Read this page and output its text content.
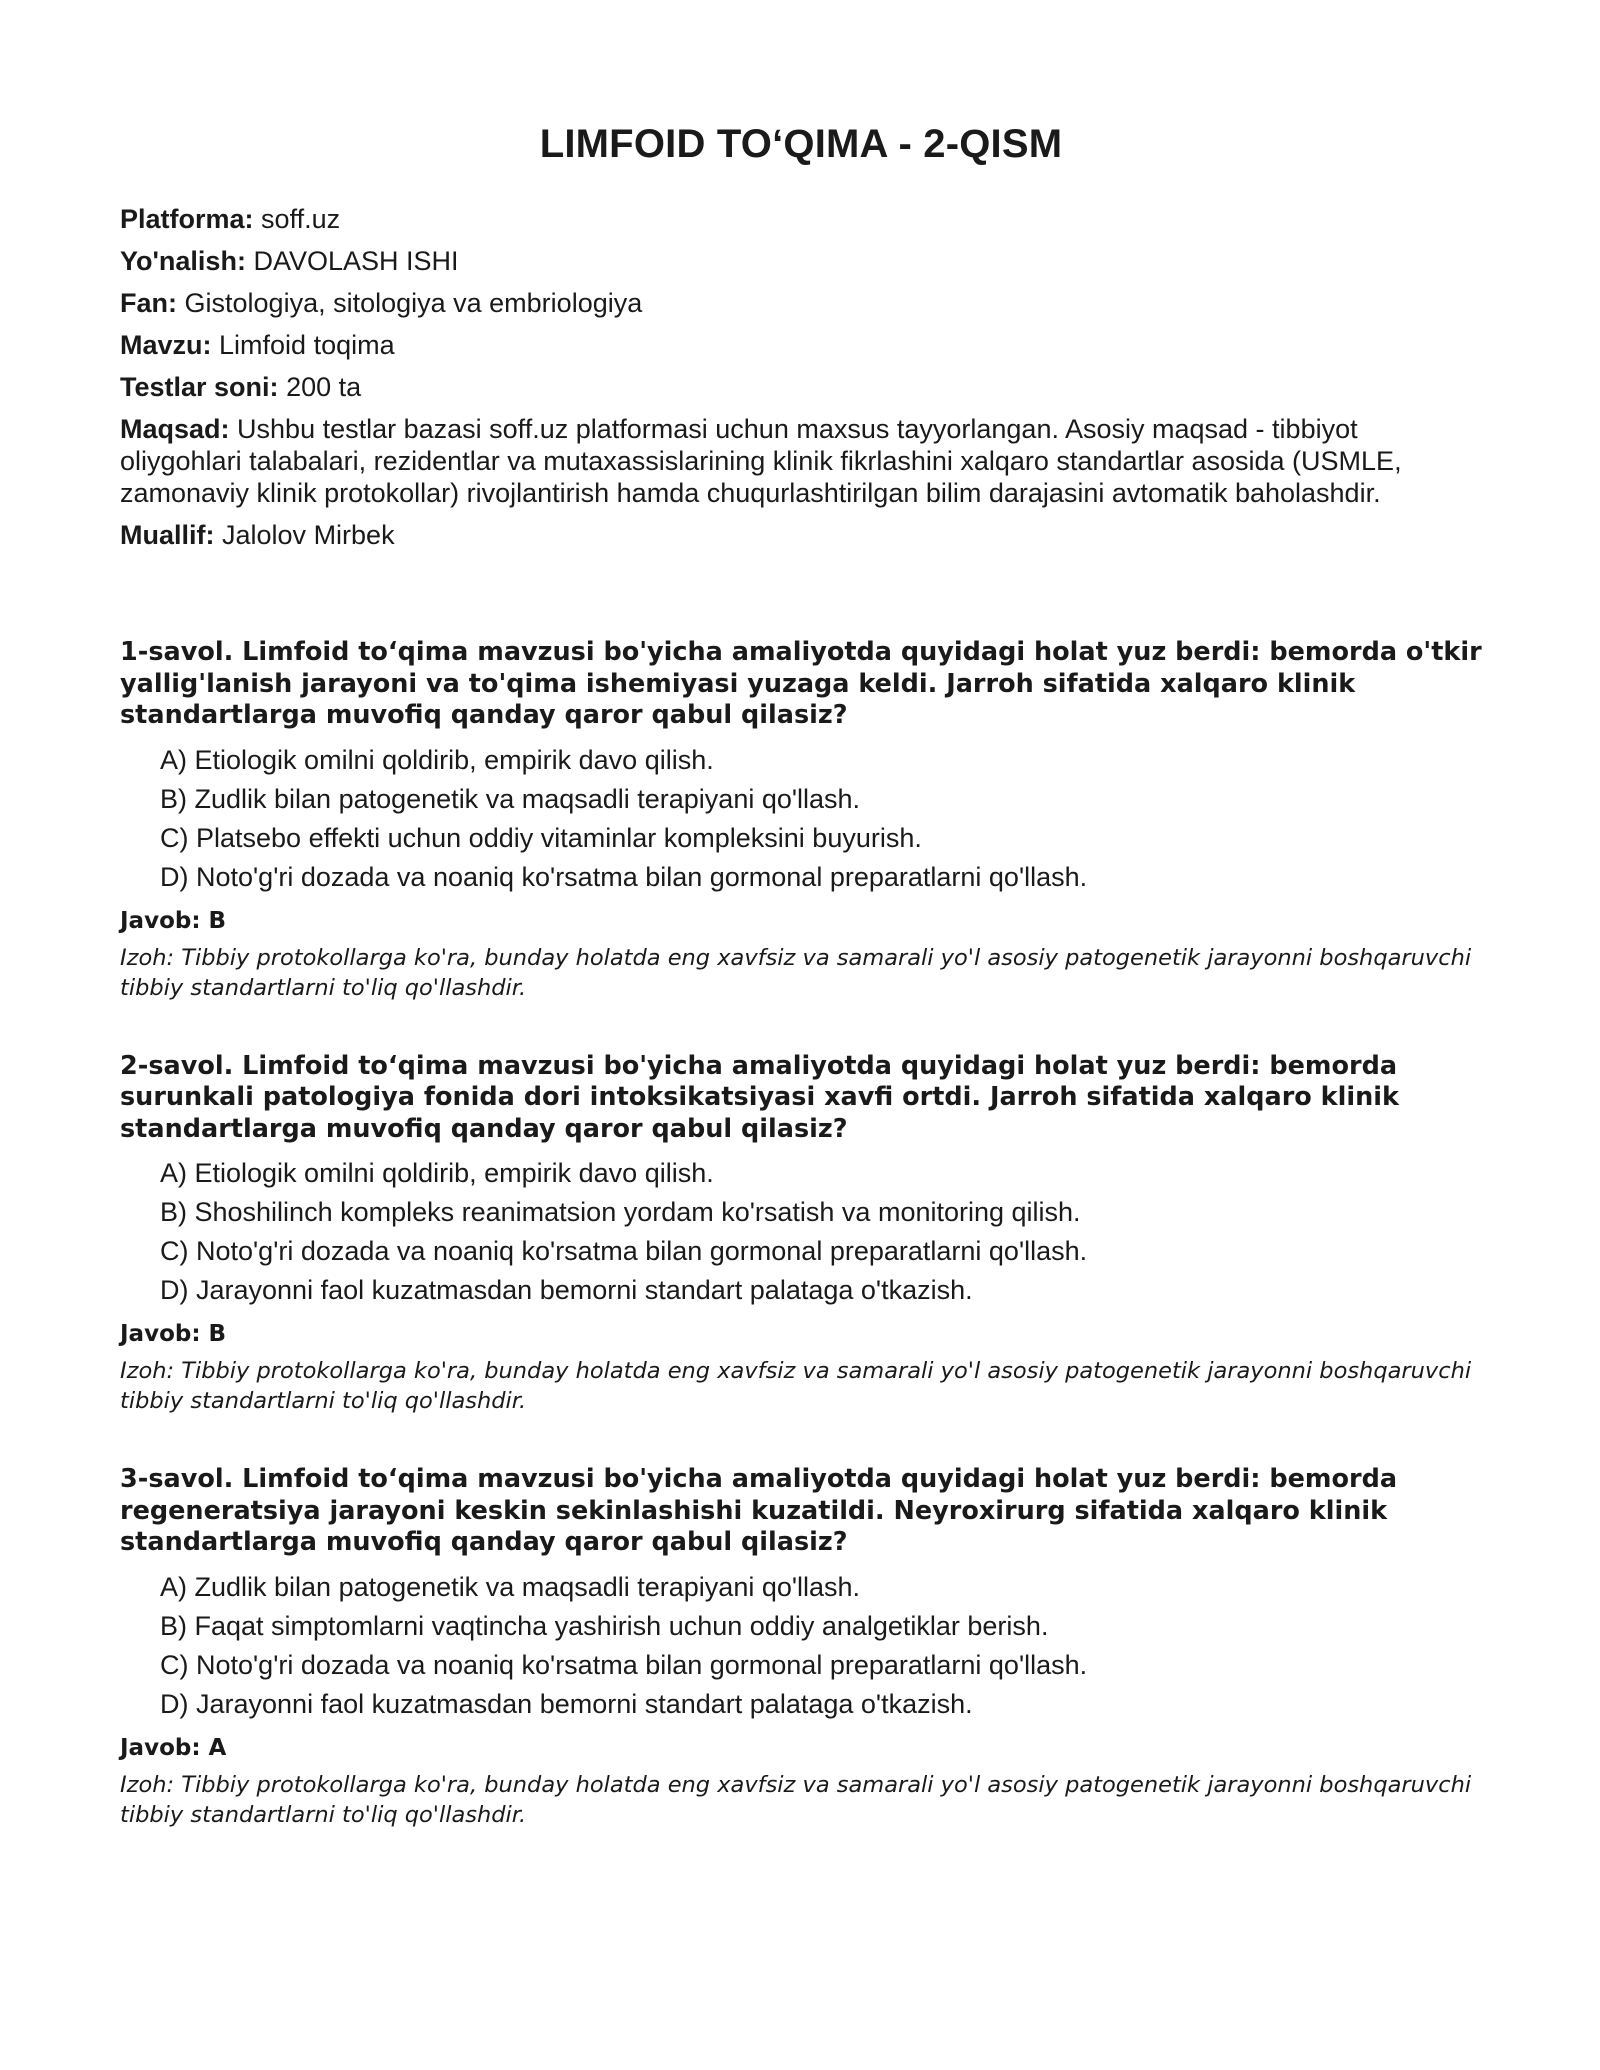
LIMFOID TO‘QIMA - 2-QISM

Platforma: soff.uz

Yo'nalish: DAVOLASH ISHI

Fan: Gistologiya, sitologiya va embriologiya

Mavzu: Limfoid toqima

Testlar soni: 200 ta

Maqsad: Ushbu testlar bazasi soff.uz platformasi uchun maxsus tayyorlangan. Asosiy maqsad - tibbiyot oliygohlari talabalari, rezidentlar va mutaxassislarining klinik fikrlashini xalqaro standartlar asosida (USMLE, zamonaviy klinik protokollar) rivojlantirish hamda chuqurlashtirilgan bilim darajasini avtomatik baholashdir.

Muallif: Jalolov Mirbek

1-savol. Limfoid to‘qima mavzusi bo'yicha amaliyotda quyidagi holat yuz berdi: bemorda o'tkir yallig'lanish jarayoni va to'qima ishemiyasi yuzaga keldi. Jarroh sifatida xalqaro klinik standartlarga muvofiq qanday qaror qabul qilasiz?

A) Etiologik omilni qoldirib, empirik davo qilish.
B) Zudlik bilan patogenetik va maqsadli terapiyani qo'llash.
C) Platsebo effekti uchun oddiy vitaminlar kompleksini buyurish.
D) Noto'g'ri dozada va noaniq ko'rsatma bilan gormonal preparatlarni qo'llash.

Javob: B

Izoh: Tibbiy protokollarga ko'ra, bunday holatda eng xavfsiz va samarali yo'l asosiy patogenetik jarayonni boshqaruvchi tibbiy standartlarni to'liq qo'llashdir.

2-savol. Limfoid to‘qima mavzusi bo'yicha amaliyotda quyidagi holat yuz berdi: bemorda surunkali patologiya fonida dori intoksikatsiyasi xavfi ortdi. Jarroh sifatida xalqaro klinik standartlarga muvofiq qanday qaror qabul qilasiz?

A) Etiologik omilni qoldirib, empirik davo qilish.
B) Shoshilinch kompleks reanimatsion yordam ko'rsatish va monitoring qilish.
C) Noto'g'ri dozada va noaniq ko'rsatma bilan gormonal preparatlarni qo'llash.
D) Jarayonni faol kuzatmasdan bemorni standart palataga o'tkazish.

Javob: B

Izoh: Tibbiy protokollarga ko'ra, bunday holatda eng xavfsiz va samarali yo'l asosiy patogenetik jarayonni boshqaruvchi tibbiy standartlarni to'liq qo'llashdir.

3-savol. Limfoid to‘qima mavzusi bo'yicha amaliyotda quyidagi holat yuz berdi: bemorda regeneratsiya jarayoni keskin sekinlashishi kuzatildi. Neyroxirurg sifatida xalqaro klinik standartlarga muvofiq qanday qaror qabul qilasiz?

A) Zudlik bilan patogenetik va maqsadli terapiyani qo'llash.
B) Faqat simptomlarni vaqtincha yashirish uchun oddiy analgetiklar berish.
C) Noto'g'ri dozada va noaniq ko'rsatma bilan gormonal preparatlarni qo'llash.
D) Jarayonni faol kuzatmasdan bemorni standart palataga o'tkazish.

Javob: A

Izoh: Tibbiy protokollarga ko'ra, bunday holatda eng xavfsiz va samarali yo'l asosiy patogenetik jarayonni boshqaruvchi tibbiy standartlarni to'liq qo'llashdir.
